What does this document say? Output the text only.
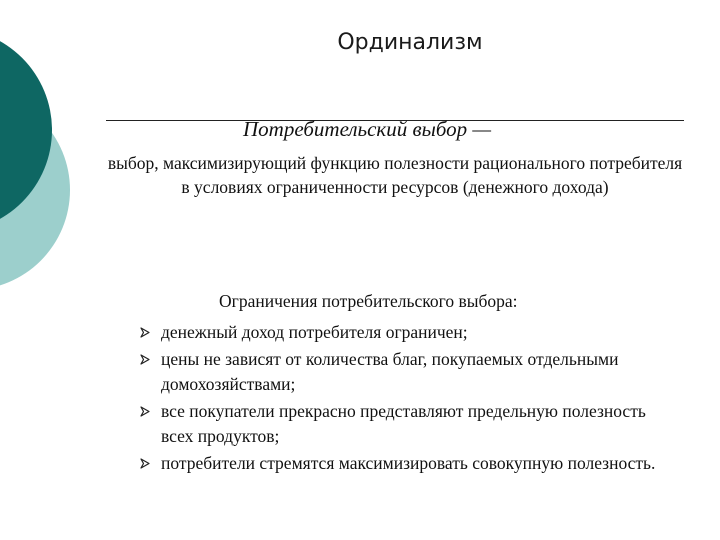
Ординализм
Потребительский выбор —
выбор, максимизирующий функцию полезности рационального потребителя в условиях ограниченности ресурсов (денежного дохода)
Ограничения потребительского выбора:
денежный доход потребителя ограничен;
цены не зависят от количества благ, покупаемых отдельными домохозяйствами;
все покупатели прекрасно представляют предельную полезность всех продуктов;
потребители стремятся максимизировать совокупную полезность.
